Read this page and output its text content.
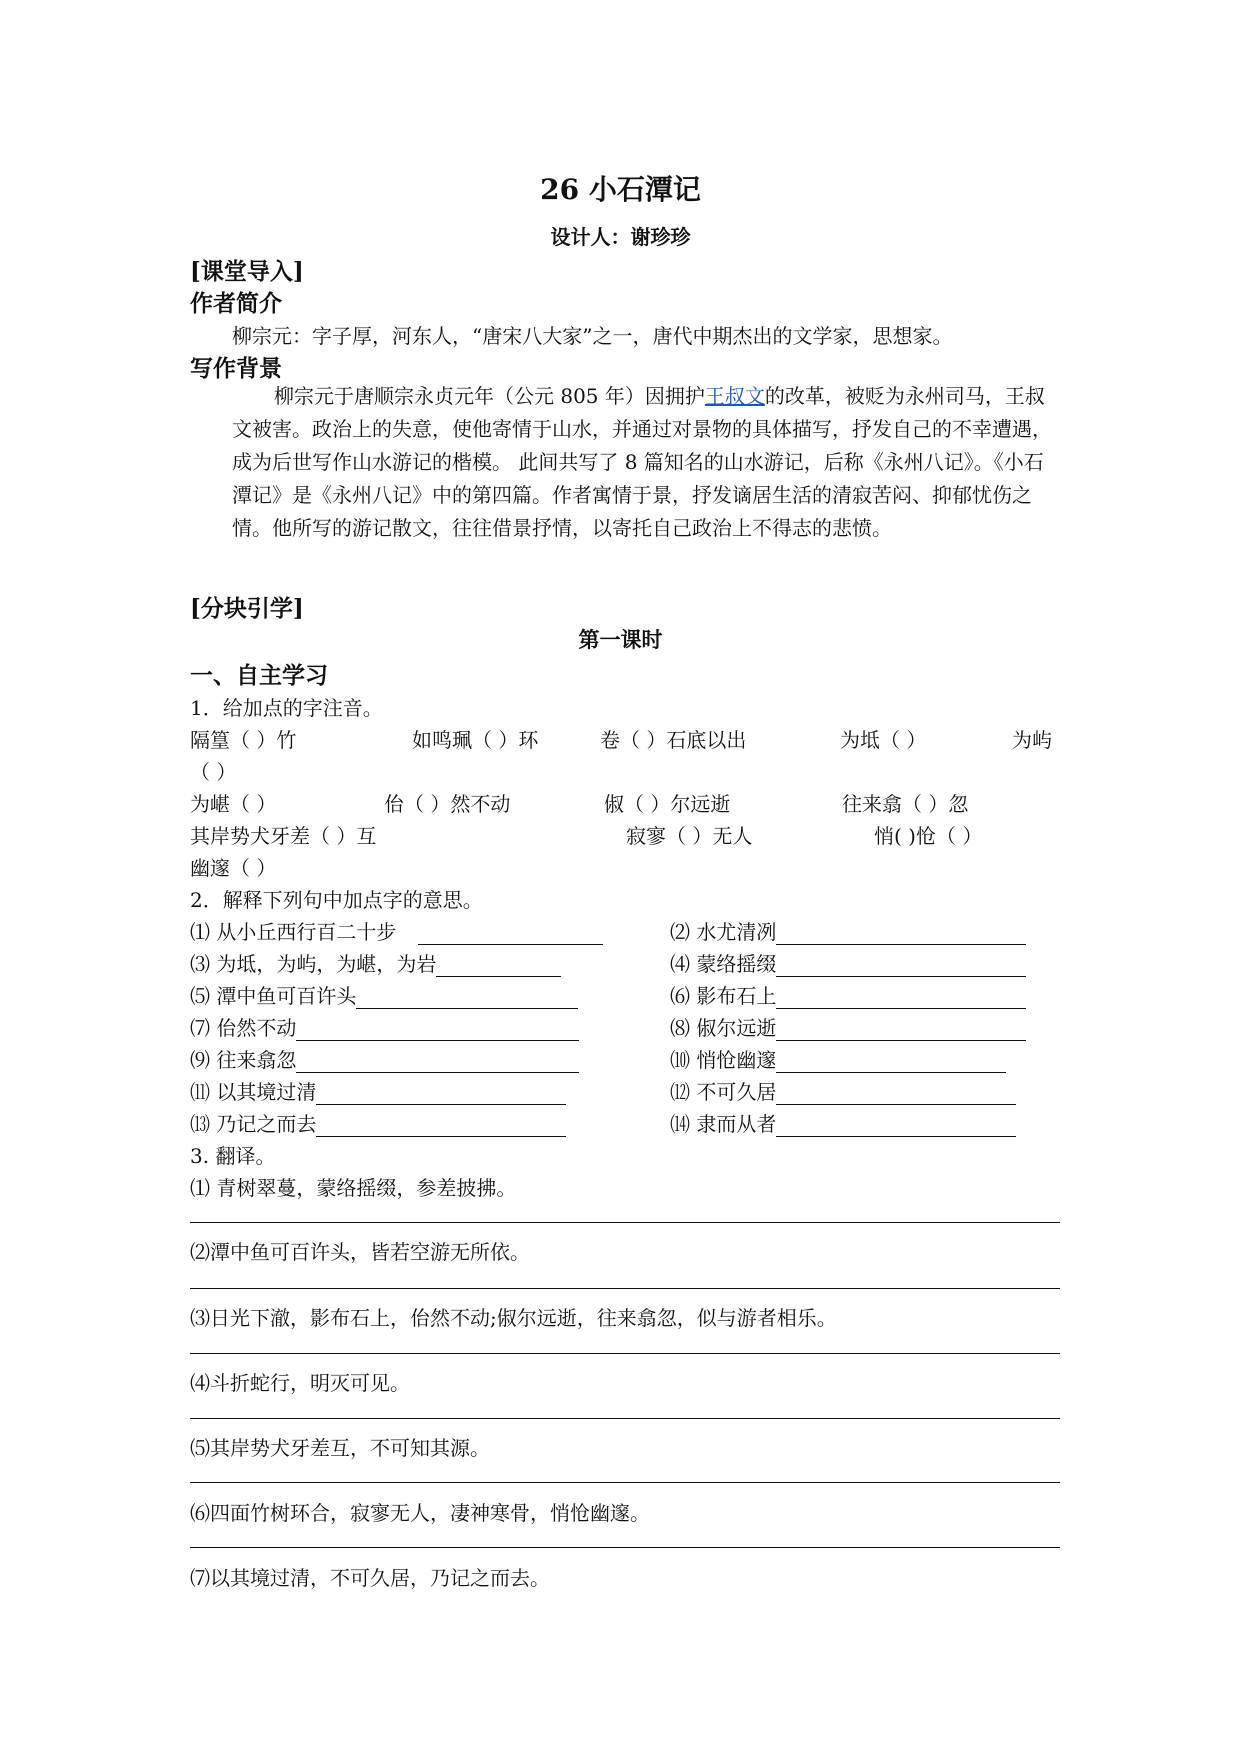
26 小石潭记
设计人：谢珍珍
[课堂导入]
作者简介
柳宗元：字子厚，河东人，“唐宋八大家”之一，唐代中期杰出的文学家，思想家。
写作背景

柳宗元于唐顺宗永贞元年（公元 805 年）因拥护王叔文的改革，被贬为永州司马，王叔文被害。政治上的失意，使他寄情于山水，并通过对景物的具体描写，抒发自己的不幸遭遇，成为后世写作山水游记的楷模。 此间共写了 8 篇知名的山水游记，后称《永州八记》。《小石潭记》是《永州八记》中的第四篇。作者寓情于景，抒发谪居生活的清寂苦闷、抑郁忧伤之情。他所写的游记散文，往往借景抒情，以寄托自己政治上不得志的悲愤。

[分块引学]
第一课时
一、自主学习
1．给加点的字注音。
隔篁（ ）竹	如鸣珮（ ）环	卷（ ）石底以出	为坻（ ）	为屿
（ ）
为嵁（ ）	佁（ ）然不动	俶（ ）尔远逝	往来翕（ ）忽
其岸势犬牙差（ ）互	寂寥（ ）无人	悄( )怆（ ）
幽邃（ ）
2．解释下列句中加点字的意思。
⑴ 从小丘西行百二十步	⑵ 水尤清冽
⑶ 为坻，为屿，为嵁，为岩	⑷ 蒙络摇缀
⑸ 潭中鱼可百许头	⑹ 影布石上
⑺ 佁然不动	⑻ 俶尔远逝
⑼ 往来翕忽	⑽ 悄怆幽邃
⑾ 以其境过清	⑿ 不可久居
⒀ 乃记之而去	⒁ 隶而从者
3. 翻译。
⑴ 青树翠蔓，蒙络摇缀，参差披拂。
⑵潭中鱼可百许头，皆若空游无所依。
⑶日光下澈，影布石上，佁然不动;俶尔远逝，往来翕忽，似与游者相乐。
⑷斗折蛇行，明灭可见。
⑸其岸势犬牙差互，不可知其源。
⑹四面竹树环合，寂寥无人，凄神寒骨，悄怆幽邃。
⑺以其境过清，不可久居，乃记之而去。
